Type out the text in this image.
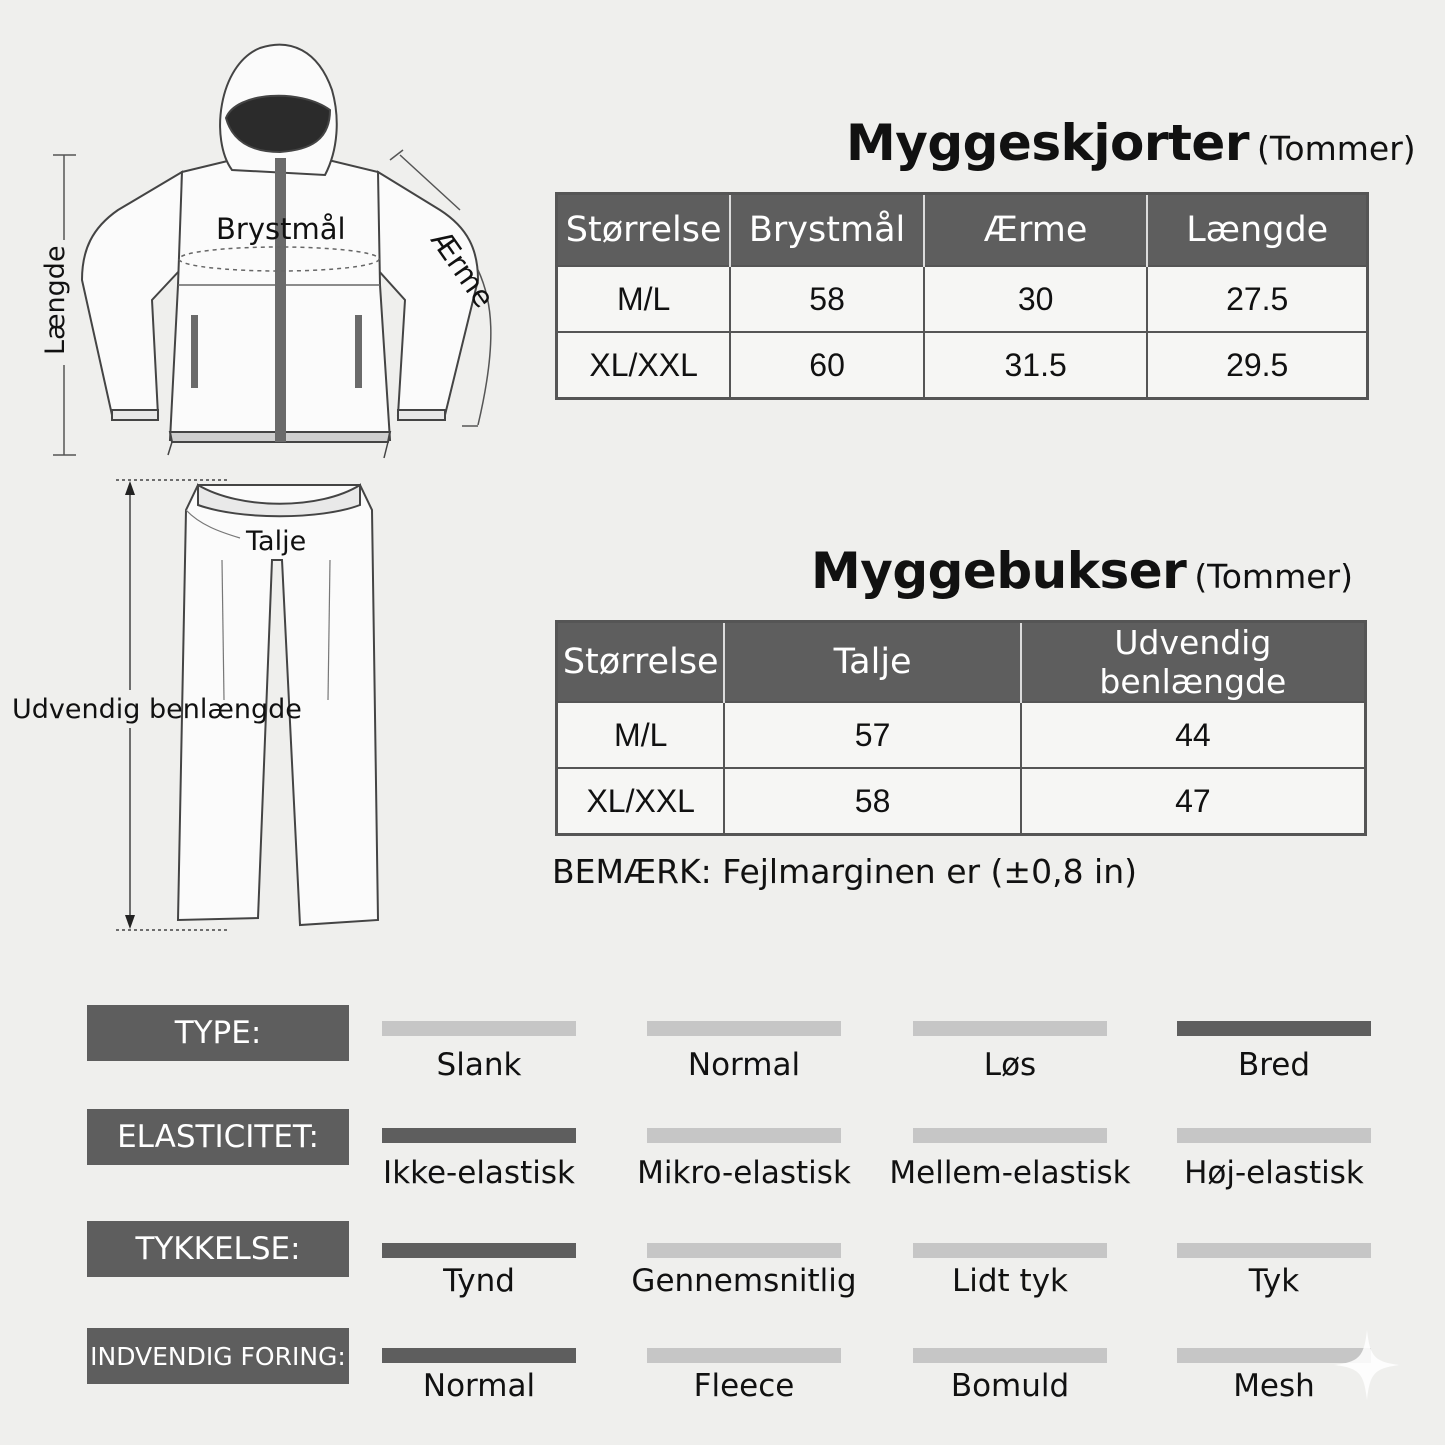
Brystmål	Ærme
Længde
Talje
Udvendig benlængde
Myggeskjorter (Tommer)
Størrelse	Brystmål	Ærme	Længde
M/L	58	30	27.5
XL/XXL	60	31.5	29.5
Myggebukser (Tommer)
Størrelse	Talje	Udvendig benlængde
M/L	57	44
XL/XXL	58	47
BEMÆRK: Fejlmarginen er (±0,8 in)
TYPE:
Slank	Normal	Løs	Bred
ELASTICITET:
Ikke-elastisk	Mikro-elastisk	Mellem-elastisk	Høj-elastisk
TYKKELSE:
Tynd	Gennemsnitlig	Lidt tyk	Tyk
INDVENDIG FORING:
Normal	Fleece	Bomuld	Mesh
